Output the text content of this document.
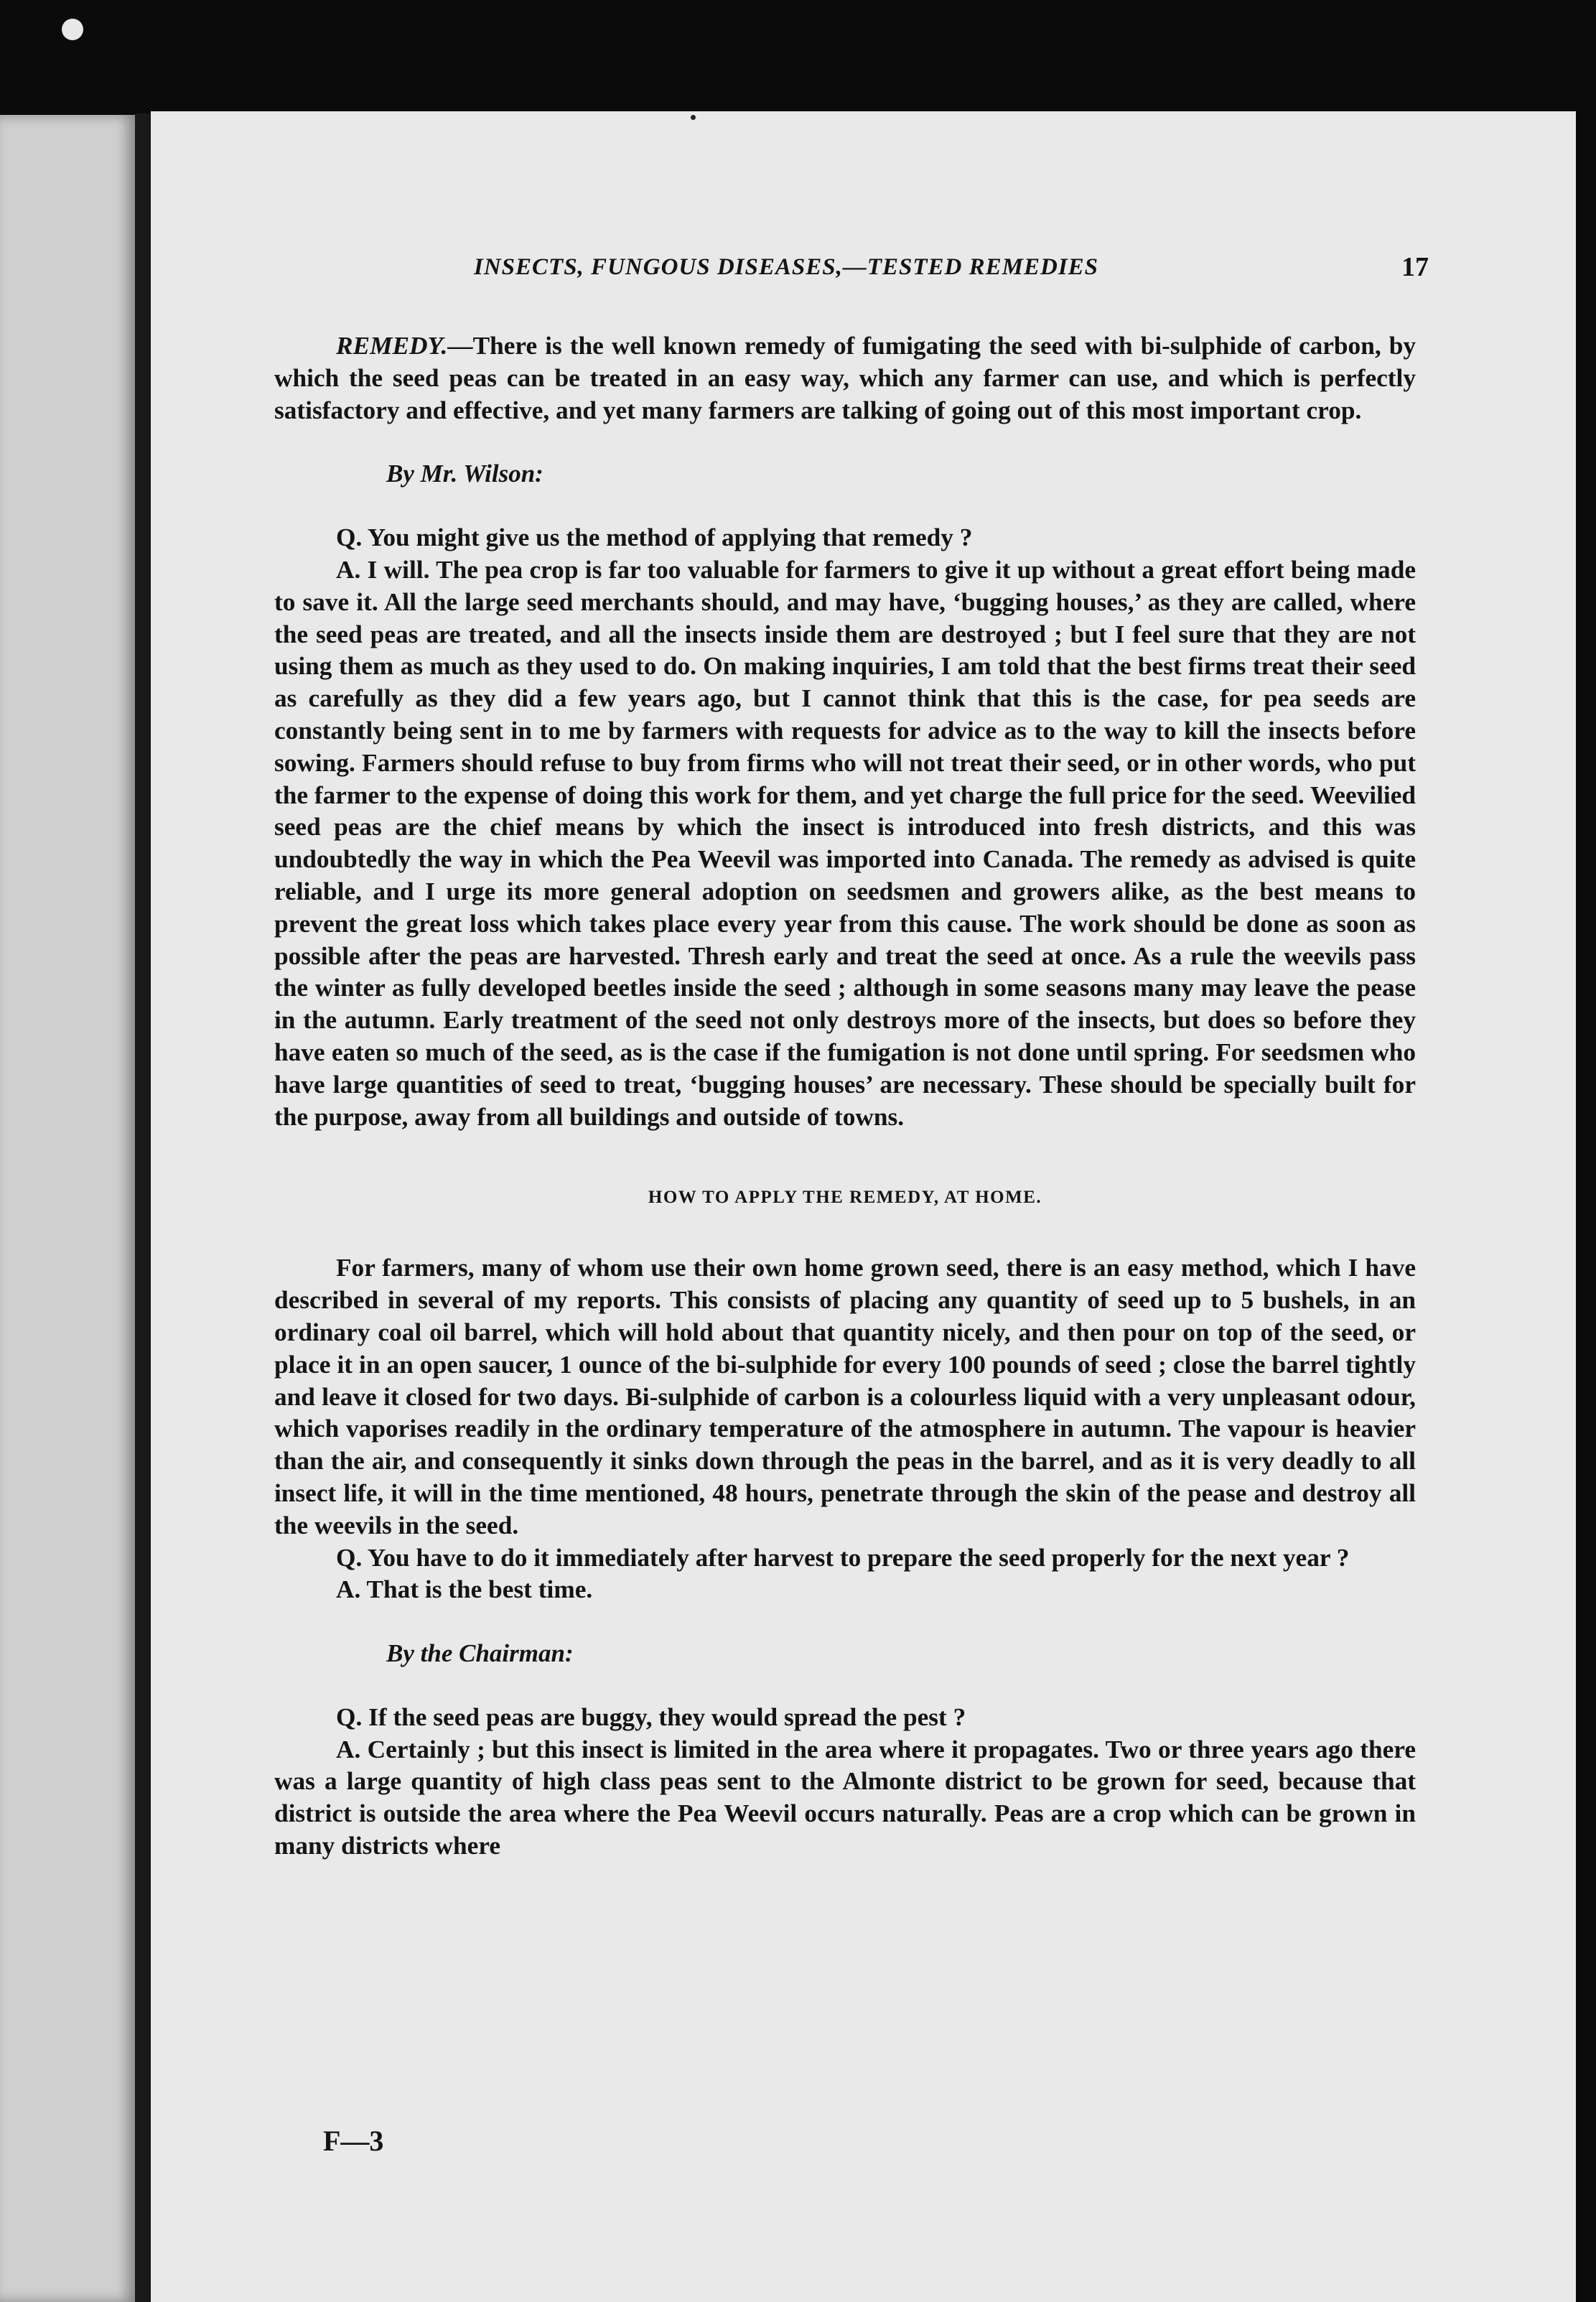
INSECTS, FUNGOUS DISEASES,—TESTED REMEDIES	17

REMEDY.—There is the well known remedy of fumigating the seed with bi-sulphide of carbon, by which the seed peas can be treated in an easy way, which any farmer can use, and which is perfectly satisfactory and effective, and yet many farmers are talking of going out of this most important crop.

By Mr. Wilson:

Q. You might give us the method of applying that remedy ?

A. I will. The pea crop is far too valuable for farmers to give it up without a great effort being made to save it. All the large seed merchants should, and may have, ‘bugging houses,’ as they are called, where the seed peas are treated, and all the insects inside them are destroyed ; but I feel sure that they are not using them as much as they used to do. On making inquiries, I am told that the best firms treat their seed as carefully as they did a few years ago, but I cannot think that this is the case, for pea seeds are constantly being sent in to me by farmers with requests for advice as to the way to kill the insects before sowing. Farmers should refuse to buy from firms who will not treat their seed, or in other words, who put the farmer to the expense of doing this work for them, and yet charge the full price for the seed. Weevilied seed peas are the chief means by which the insect is introduced into fresh districts, and this was undoubtedly the way in which the Pea Weevil was imported into Canada. The remedy as advised is quite reliable, and I urge its more general adoption on seedsmen and growers alike, as the best means to prevent the great loss which takes place every year from this cause. The work should be done as soon as possible after the peas are harvested. Thresh early and treat the seed at once. As a rule the weevils pass the winter as fully developed beetles inside the seed ; although in some seasons many may leave the pease in the autumn. Early treatment of the seed not only destroys more of the insects, but does so before they have eaten so much of the seed, as is the case if the fumigation is not done until spring. For seedsmen who have large quantities of seed to treat, ‘bugging houses’ are necessary. These should be specially built for the purpose, away from all buildings and outside of towns.

HOW TO APPLY THE REMEDY, AT HOME.

For farmers, many of whom use their own home grown seed, there is an easy method, which I have described in several of my reports. This consists of placing any quantity of seed up to 5 bushels, in an ordinary coal oil barrel, which will hold about that quantity nicely, and then pour on top of the seed, or place it in an open saucer, 1 ounce of the bi-sulphide for every 100 pounds of seed ; close the barrel tightly and leave it closed for two days. Bi-sulphide of carbon is a colourless liquid with a very unpleasant odour, which vaporises readily in the ordinary temperature of the atmosphere in autumn. The vapour is heavier than the air, and consequently it sinks down through the peas in the barrel, and as it is very deadly to all insect life, it will in the time mentioned, 48 hours, penetrate through the skin of the pease and destroy all the weevils in the seed.

Q. You have to do it immediately after harvest to prepare the seed properly for the next year ?

A. That is the best time.

By the Chairman:

Q. If the seed peas are buggy, they would spread the pest ?

A. Certainly ; but this insect is limited in the area where it propagates. Two or three years ago there was a large quantity of high class peas sent to the Almonte district to be grown for seed, because that district is outside the area where the Pea Weevil occurs naturally. Peas are a crop which can be grown in many districts where

F—3
